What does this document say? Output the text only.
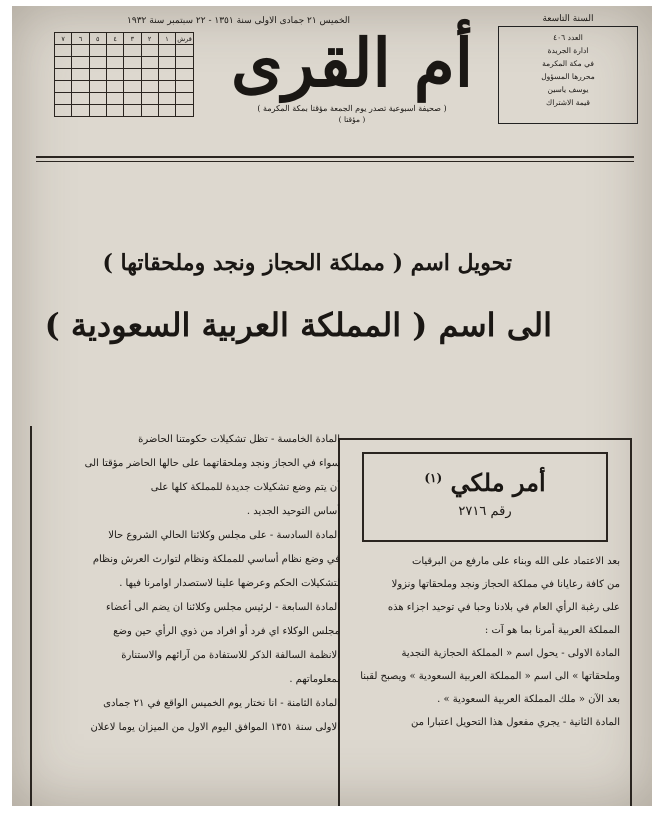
الخميس ٢١ جمادى الاولى سنة ١٣٥١ - ٢٢ سبتمبر سنة ١٩٣٢	السنة التاسعة
العدد ٤٠٦
ادارة الجريدة
في مكة المكرمة
محررها المسؤول
يوسف ياسين
قيمة الاشتراك
قرش	١	٢	٣	٤	٥	٦	٧

								أم القرى
( صحيفة اسبوعية تصدر يوم الجمعة مؤقتا بمكة المكرمة )
( مؤقتا )
تحويل اسم ( مملكة الحجاز ونجد وملحقاتها )
الى اسم ( المملكة العربية السعودية )
أمر ملكي $^{(١)}$
رقم ٢٧١٦

بعد الاعتماد على الله وبناء على مارفع من البرقيات

من كافة رعايانا في مملكة الحجاز ونجد وملحقاتها ونزولا

على رغبة الرأي العام في بلادنا وحبا في توحيد اجزاء هذه

المملكة العربية أمرنا بما هو آت :

المادة الاولى - يحول اسم « المملكة الحجازية النجدية

وملحقاتها » الى اسم « المملكة العربية السعودية » ويصبح لقبنا

بعد الآن « ملك المملكة العربية السعودية » .

المادة الثانية - يجري مفعول هذا التحويل اعتبارا من

المادة الخامسة - تظل تشكيلات حكومتنا الحاضرة

سواء في الحجاز ونجد وملحقاتهما على حالها الحاضر مؤقتا الى

أن يتم وضع تشكيلات جديدة للمملكة كلها على

أساس التوحيد الجديد .

المادة السادسة - على مجلس وكلائنا الحالي الشروع حالا

في وضع نظام أساسي للمملكة ونظام لتوارث العرش ونظام

لتشكيلات الحكم وعرضها علينا لاستصدار اوامرنا فيها .

المادة السابعة - لرئيس مجلس وكلائنا ان يضم الى أعضاء

مجلس الوكلاء اي فرد أو افراد من ذوي الرأي حين وضع

الانظمة السالفة الذكر للاستفادة من آرائهم والاستنارة

بمعلوماتهم .

المادة الثامنة - انا نختار يوم الخميس الواقع في ٢١ جمادى

الاولى سنة ١٣٥١ الموافق اليوم الاول من الميزان يوما لاعلان
